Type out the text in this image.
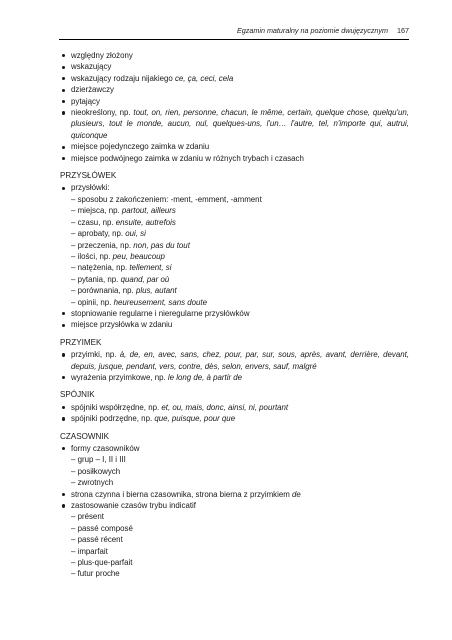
Egzamin maturalny na poziomie dwujęzycznym 167
względny złożony
wskazujący
wskazujący rodzaju nijakiego ce, ça, ceci, cela
dzierżawczy
pytający
nieokreślony, np. tout, on, rien, personne, chacun, le même, certain, quelque chose, quelqu'un, plusieurs, tout le monde, aucun, nul, quelques-uns, l'un… l'autre, tel, n'importe qui, autrui, quiconque
miejsce pojedynczego zaimka w zdaniu
miejsce podwójnego zaimka w zdaniu w różnych trybach i czasach
PRZYSŁÓWEK
przysłówki:
– sposobu z zakończeniem: -ment, -emment, -amment
– miejsca, np. partout, ailleurs
– czasu, np. ensuite, autrefois
– aprobaty, np. oui, si
– przeczenia, np. non, pas du tout
– ilości, np. peu, beaucoup
– natężenia, np. tellement, si
– pytania, np. quand, par où
– porównania, np. plus, autant
– opinii, np. heureusement, sans doute
stopniowanie regularne i nieregularne przysłówków
miejsce przysłówka w zdaniu
PRZYIMEK
przyimki, np. à, de, en, avec, sans, chez, pour, par, sur, sous, après, avant, derrière, devant, depuis, jusque, pendant, vers, contre, dès, selon, envers, sauf, malgré
wyrażenia przyimkowe, np. le long de, à partir de
SPÓJNIK
spójniki współrzędne, np. et, ou, mais, donc, ainsi, ni, pourtant
spójniki podrzędne, np. que, puisque, pour que
CZASOWNIK
formy czasowników
– grup – I, II i III
– posiłkowych
– zwrotnych
strona czynna i bierna czasownika, strona bierna z przyimkiem de
zastosowanie czasów trybu indicatif
– présent
– passé composé
– passé récent
– imparfait
– plus-que-parfait
– futur proche
